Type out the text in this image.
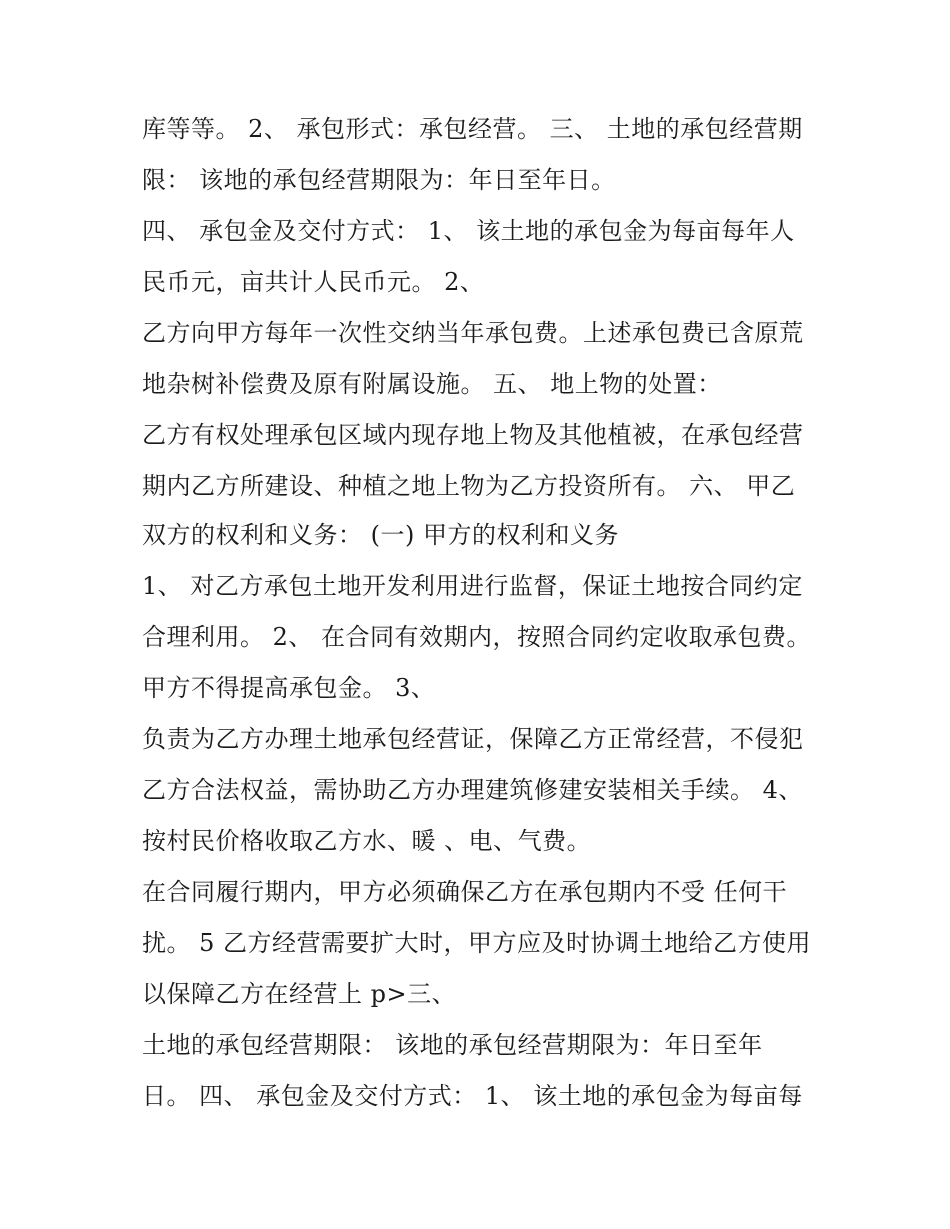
库等等。 2、 承包形式：承包经营。 三、 土地的承包经营期
限： 该地的承包经营期限为：年日至年日。
四、 承包金及交付方式： 1、 该土地的承包金为每亩每年人
民币元，亩共计人民币元。 2、
乙方向甲方每年一次性交纳当年承包费。上述承包费已含原荒
地杂树补偿费及原有附属设施。 五、 地上物的处置：
乙方有权处理承包区域内现存地上物及其他植被，在承包经营
期内乙方所建设、种植之地上物为乙方投资所有。 六、 甲乙
双方的权利和义务： (一) 甲方的权利和义务
1、 对乙方承包土地开发利用进行监督，保证土地按合同约定
合理利用。 2、 在合同有效期内，按照合同约定收取承包费。
甲方不得提高承包金。 3、
负责为乙方办理土地承包经营证，保障乙方正常经营，不侵犯
乙方合法权益，需协助乙方办理建筑修建安装相关手续。 4、
按村民价格收取乙方水、暖 、电、气费。
在合同履行期内，甲方必须确保乙方在承包期内不受 任何干
扰。 5 乙方经营需要扩大时，甲方应及时协调土地给乙方使用
以保障乙方在经营上 p>三、
土地的承包经营期限： 该地的承包经营期限为：年日至年
日。 四、 承包金及交付方式： 1、 该土地的承包金为每亩每
